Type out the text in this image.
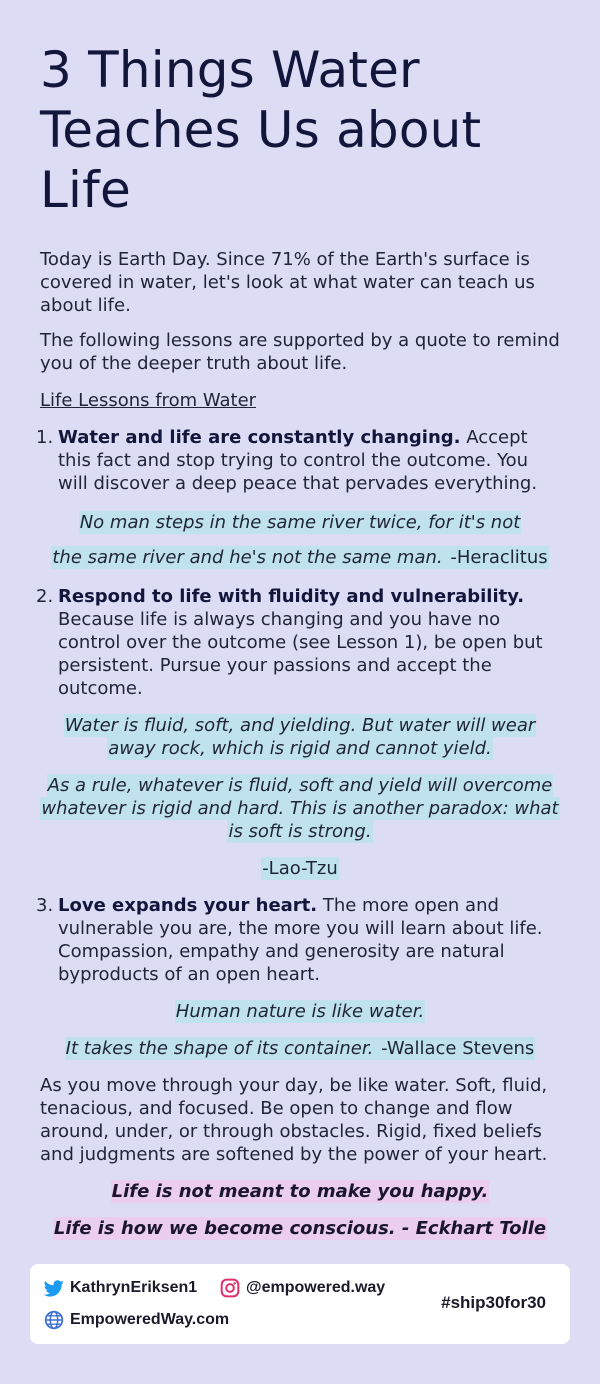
3 Things Water Teaches Us about Life

Today is Earth Day. Since 71% of the Earth's surface is covered in water, let's look at what water can teach us about life.

The following lessons are supported by a quote to remind you of the deeper truth about life.

Life Lessons from Water
1. Water and life are constantly changing. Accept this fact and stop trying to control the outcome. You will discover a deep peace that pervades everything.
No man steps in the same river twice, for it's not
the same river and he's not the same man. -Heraclitus
2. Respond to life with fluidity and vulnerability. Because life is always changing and you have no control over the outcome (see Lesson 1), be open but persistent. Pursue your passions and accept the outcome.
Water is fluid, soft, and yielding. But water will wear away rock, which is rigid and cannot yield.
As a rule, whatever is fluid, soft and yield will overcome whatever is rigid and hard. This is another paradox: what is soft is strong.
-Lao-Tzu
3. Love expands your heart. The more open and vulnerable you are, the more you will learn about life. Compassion, empathy and generosity are natural byproducts of an open heart.
Human nature is like water.
It takes the shape of its container. -Wallace Stevens

As you move through your day, be like water. Soft, fluid, tenacious, and focused. Be open to change and flow around, under, or through obstacles. Rigid, fixed beliefs and judgments are softened by the power of your heart.

Life is not meant to make you happy.
Life is how we become conscious. - Eckhart Tolle
KathrynEriksen1	@empowered.way
EmpoweredWay.com
#ship30for30
